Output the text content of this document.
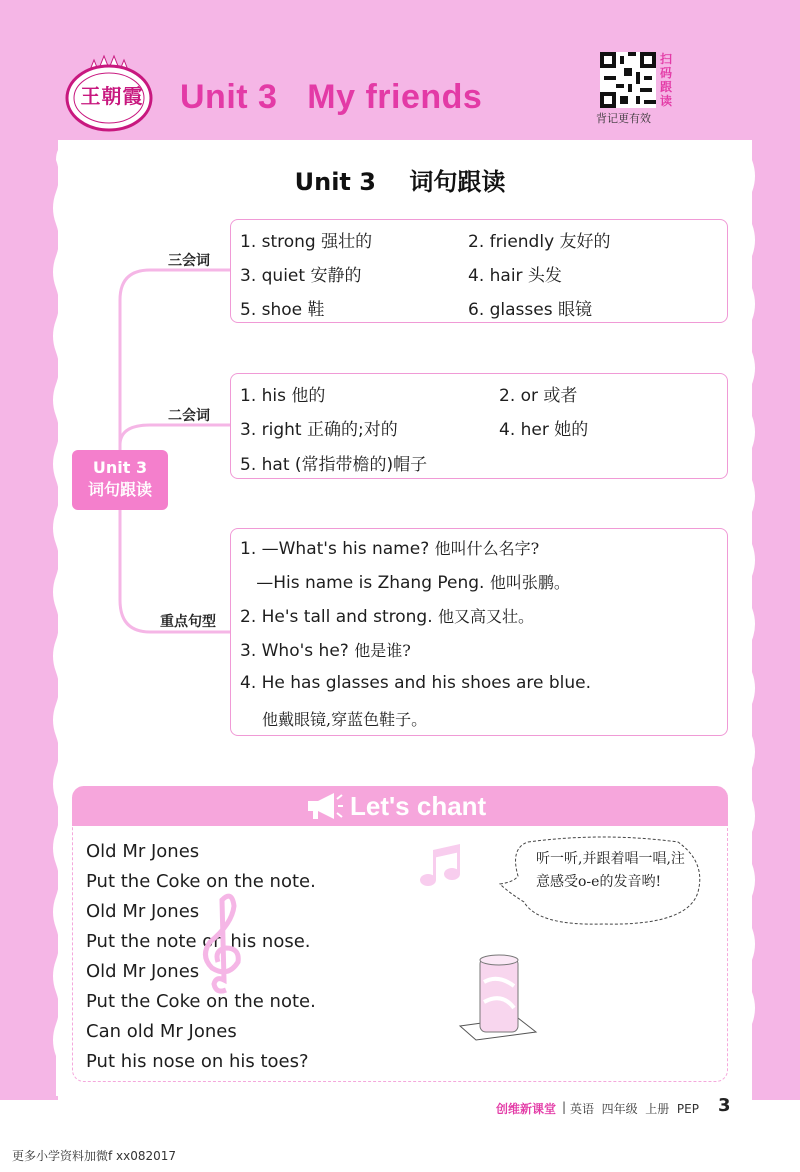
王朝霞 Unit 3   My friends
扫码跟读
背记更有效
Unit 3    词句跟读
Unit 3
词句跟读
三会词
1. strong 强壮的	2. friendly 友好的
3. quiet 安静的	4. hair 头发
5. shoe 鞋	6. glasses 眼镜
二会词
1. his 他的	2. or 或者
3. right 正确的;对的	4. her 她的
5. hat (常指带檐的)帽子
重点句型
1. —What's his name? 他叫什么名字?
—His name is Zhang Peng. 他叫张鹏。
2. He's tall and strong. 他又高又壮。
3. Who's he? 他是谁?
4. He has glasses and his shoes are blue.
他戴眼镜,穿蓝色鞋子。
Let's chant
Old Mr Jones
Put the Coke on the note.
Old Mr Jones
Put the note on his nose.
Old Mr Jones
Put the Coke on the note.
Can old Mr Jones
Put his nose on his toes?
听一听,并跟着唱一唱,注意感受o-e的发音哟!
创维新课堂 | 英语  四年级  上册  PEP 3
更多小学资料加微f xx082017
